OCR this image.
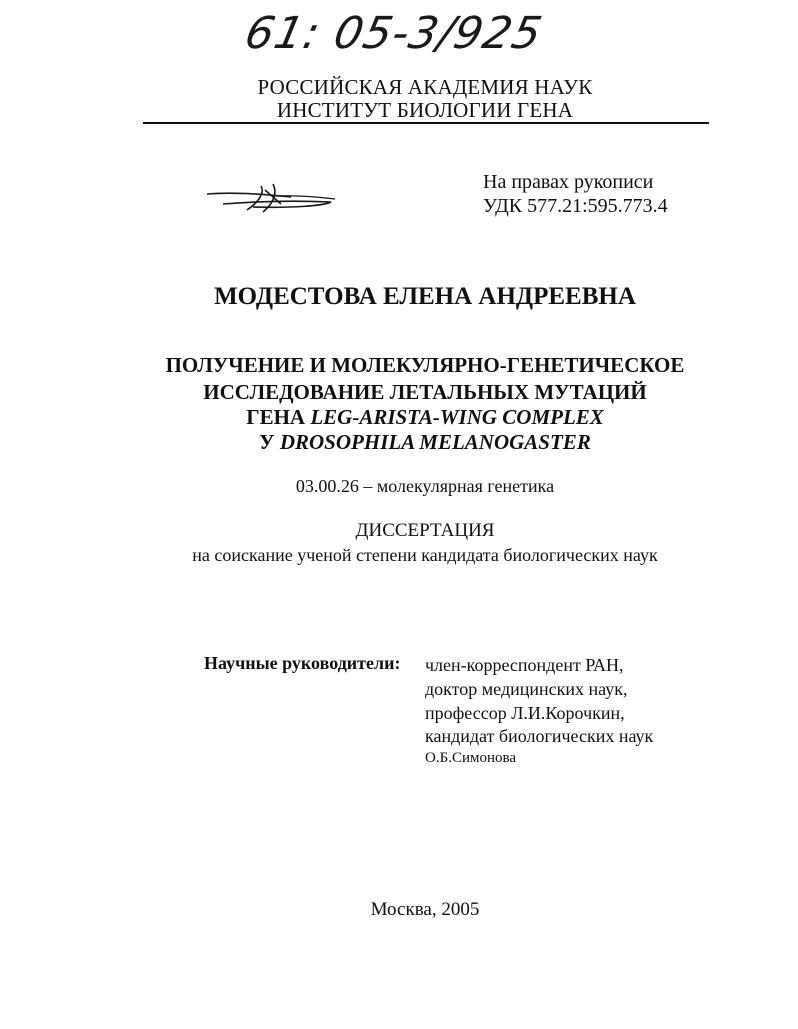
61: 05-3/925
РОССИЙСКАЯ АКАДЕМИЯ НАУК
ИНСТИТУТ БИОЛОГИИ ГЕНА
На правах рукописи
УДК 577.21:595.773.4
МОДЕСТОВА ЕЛЕНА АНДРЕЕВНА
ПОЛУЧЕНИЕ И МОЛЕКУЛЯРНО-ГЕНЕТИЧЕСКОЕ
ИССЛЕДОВАНИЕ ЛЕТАЛЬНЫХ МУТАЦИЙ
ГЕНА LEG-ARISTA-WING COMPLEX
У DROSOPHILA MELANOGASTER
03.00.26 – молекулярная генетика
ДИССЕРТАЦИЯ
на соискание ученой степени кандидата биологических наук
Научные руководители: член-корреспондент РАН,
доктор медицинских наук,
профессор Л.И.Корочкин,
кандидат биологических наук
О.Б.Симонова
Москва, 2005
